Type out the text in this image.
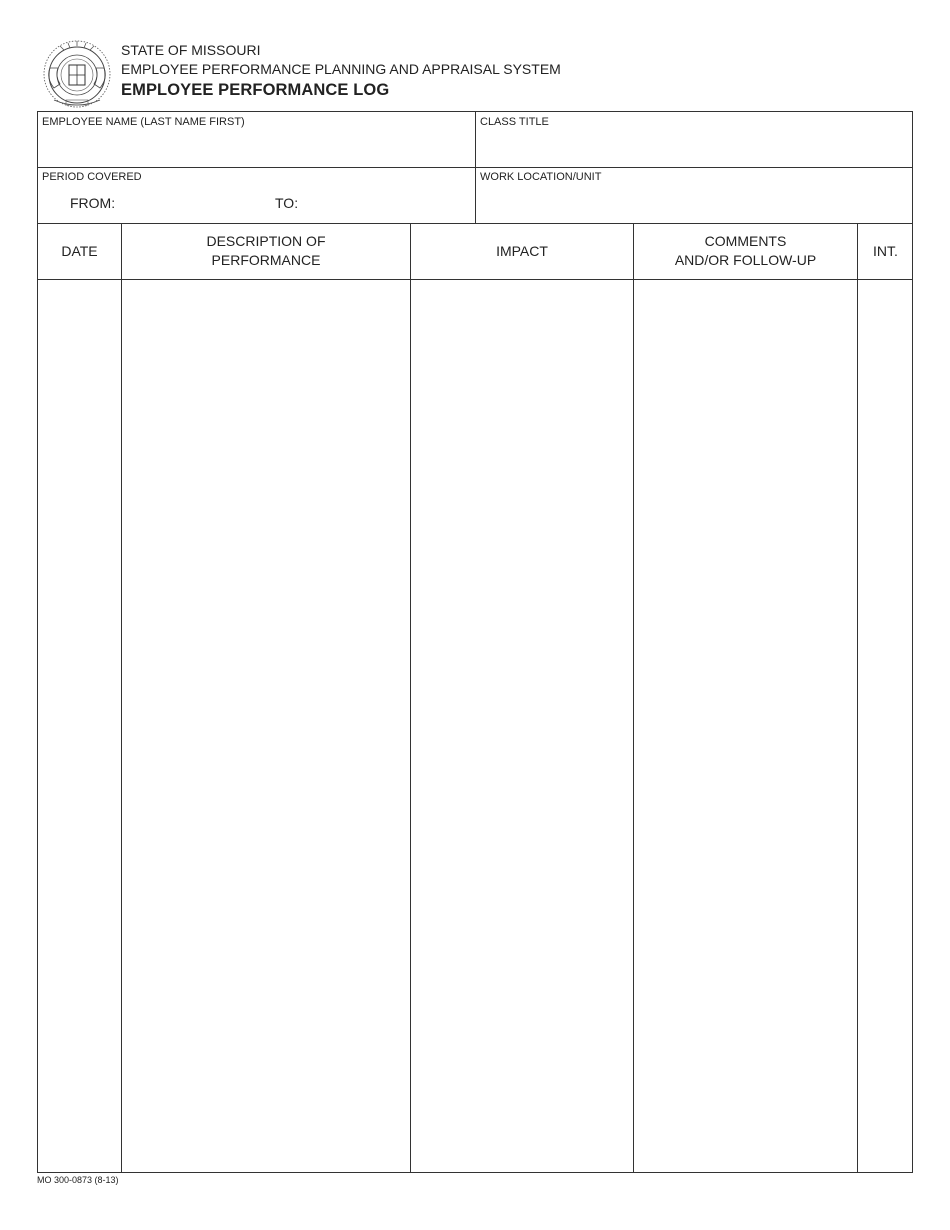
STATE OF MISSOURI
EMPLOYEE PERFORMANCE PLANNING AND APPRAISAL SYSTEM
EMPLOYEE PERFORMANCE LOG
EMPLOYEE NAME (LAST NAME FIRST)	CLASS TITLE
PERIOD COVERED
FROM:	TO:
WORK LOCATION/UNIT
DATE
DESCRIPTION OF
PERFORMANCE
IMPACT
COMMENTS
AND/OR FOLLOW-UP
INT.
MO 300-0873 (8-13)
